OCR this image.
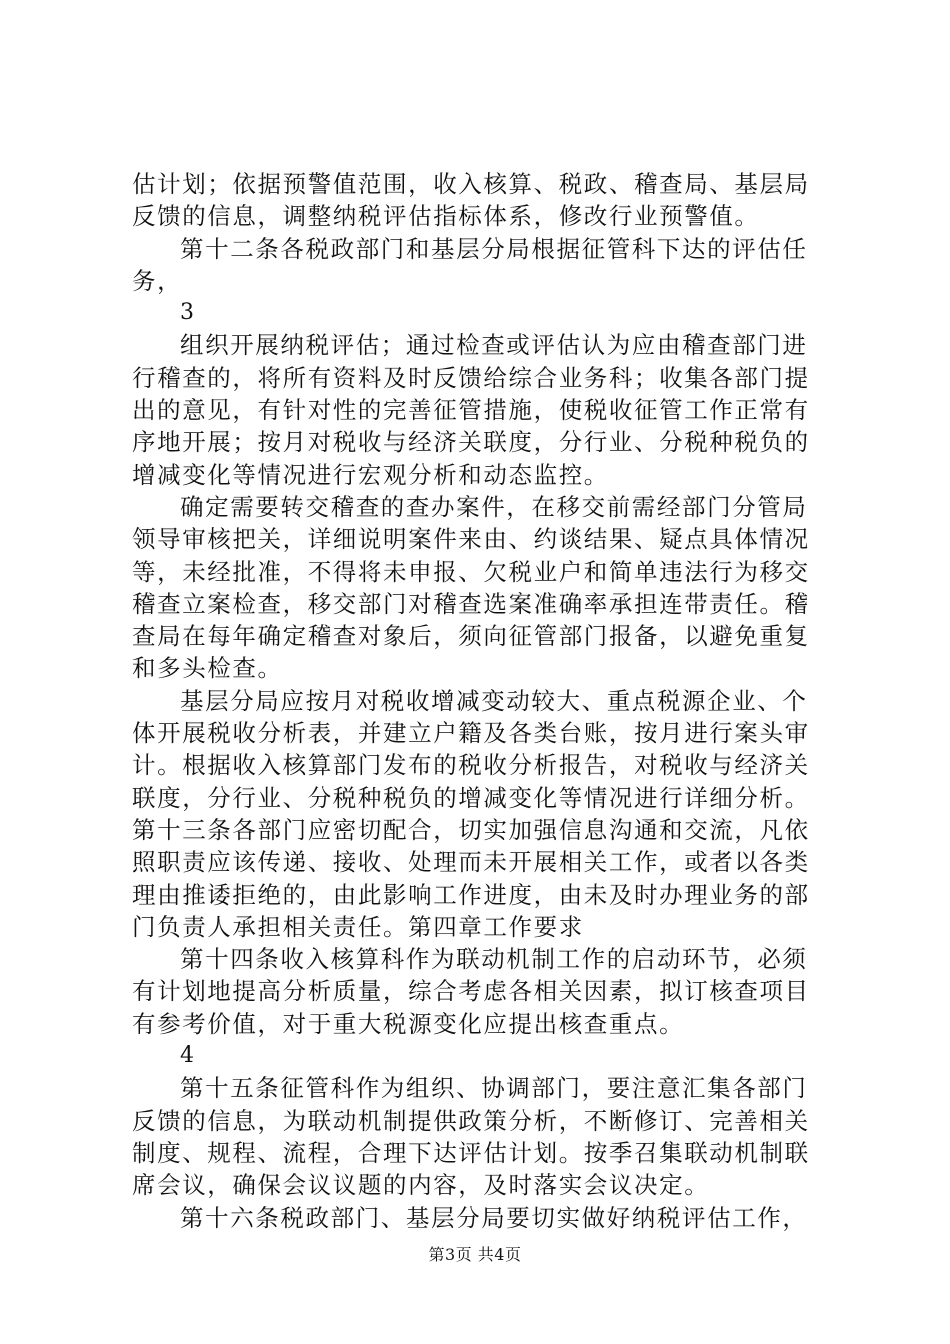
估计划；依据预警值范围，收入核算、税政、稽查局、基层局
反馈的信息，调整纳税评估指标体系，修改行业预警值。
第十二条各税政部门和基层分局根据征管科下达的评估任
务，
3
组织开展纳税评估；通过检查或评估认为应由稽查部门进
行稽查的，将所有资料及时反馈给综合业务科；收集各部门提
出的意见，有针对性的完善征管措施，使税收征管工作正常有
序地开展；按月对税收与经济关联度，分行业、分税种税负的
增减变化等情况进行宏观分析和动态监控。
确定需要转交稽查的查办案件，在移交前需经部门分管局
领导审核把关，详细说明案件来由、约谈结果、疑点具体情况
等，未经批准，不得将未申报、欠税业户和简单违法行为移交
稽查立案检查，移交部门对稽查选案准确率承担连带责任。稽
查局在每年确定稽查对象后，须向征管部门报备，以避免重复
和多头检查。
基层分局应按月对税收增减变动较大、重点税源企业、个
体开展税收分析表，并建立户籍及各类台账，按月进行案头审
计。根据收入核算部门发布的税收分析报告，对税收与经济关
联度，分行业、分税种税负的增减变化等情况进行详细分析。
第十三条各部门应密切配合，切实加强信息沟通和交流，凡依
照职责应该传递、接收、处理而未开展相关工作，或者以各类
理由推诿拒绝的，由此影响工作进度，由未及时办理业务的部
门负责人承担相关责任。第四章工作要求
第十四条收入核算科作为联动机制工作的启动环节，必须
有计划地提高分析质量，综合考虑各相关因素，拟订核查项目
有参考价值，对于重大税源变化应提出核查重点。
4
第十五条征管科作为组织、协调部门，要注意汇集各部门
反馈的信息，为联动机制提供政策分析，不断修订、完善相关
制度、规程、流程，合理下达评估计划。按季召集联动机制联
席会议，确保会议议题的内容，及时落实会议决定。
第十六条税政部门、基层分局要切实做好纳税评估工作，
第3页 共4页
